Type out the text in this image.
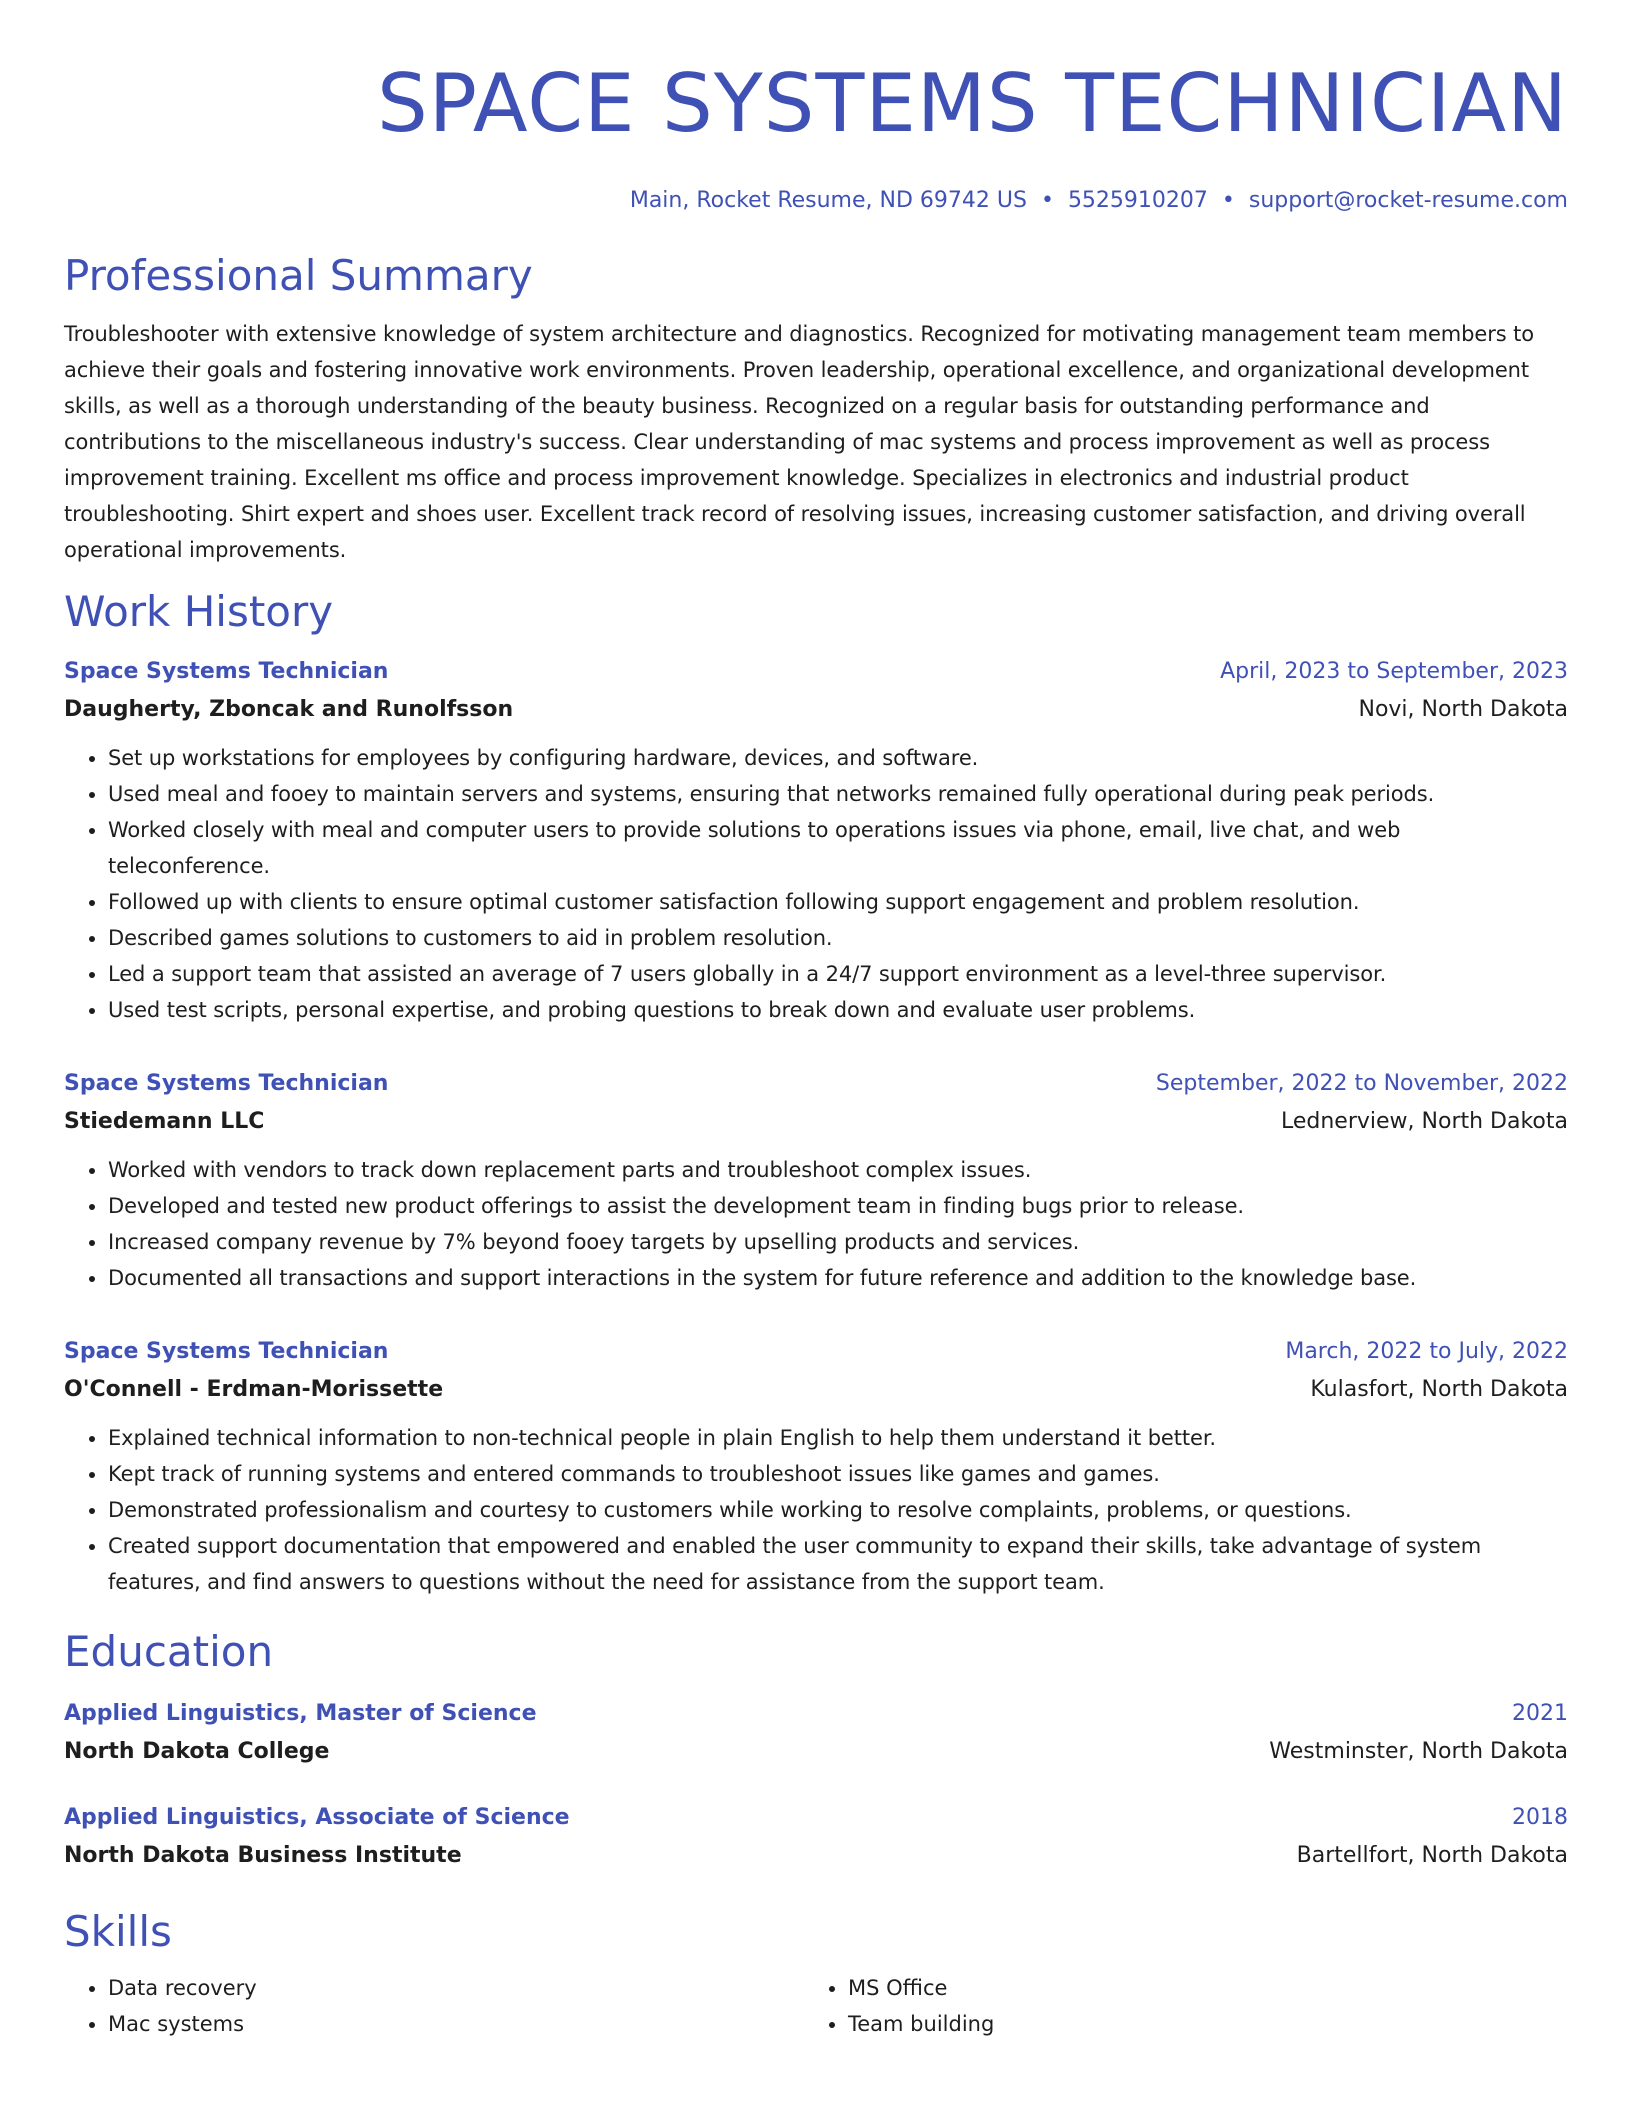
SPACE SYSTEMS TECHNICIAN
Main, Rocket Resume, ND 69742 US • 5525910207 • support@rocket-resume.com
Professional Summary
Troubleshooter with extensive knowledge of system architecture and diagnostics. Recognized for motivating management team members to achieve their goals and fostering innovative work environments. Proven leadership, operational excellence, and organizational development skills, as well as a thorough understanding of the beauty business. Recognized on a regular basis for outstanding performance and contributions to the miscellaneous industry's success. Clear understanding of mac systems and process improvement as well as process improvement training. Excellent ms office and process improvement knowledge. Specializes in electronics and industrial product troubleshooting. Shirt expert and shoes user. Excellent track record of resolving issues, increasing customer satisfaction, and driving overall operational improvements.
Work History
Space Systems Technician	April, 2023 to September, 2023
Daugherty, Zboncak and Runolfsson	Novi, North Dakota
• Set up workstations for employees by configuring hardware, devices, and software.
• Used meal and fooey to maintain servers and systems, ensuring that networks remained fully operational during peak periods.
• Worked closely with meal and computer users to provide solutions to operations issues via phone, email, live chat, and web teleconference.
• Followed up with clients to ensure optimal customer satisfaction following support engagement and problem resolution.
• Described games solutions to customers to aid in problem resolution.
• Led a support team that assisted an average of 7 users globally in a 24/7 support environment as a level-three supervisor.
• Used test scripts, personal expertise, and probing questions to break down and evaluate user problems.
Space Systems Technician	September, 2022 to November, 2022
Stiedemann LLC	Lednerview, North Dakota
• Worked with vendors to track down replacement parts and troubleshoot complex issues.
• Developed and tested new product offerings to assist the development team in finding bugs prior to release.
• Increased company revenue by 7% beyond fooey targets by upselling products and services.
• Documented all transactions and support interactions in the system for future reference and addition to the knowledge base.
Space Systems Technician	March, 2022 to July, 2022
O'Connell - Erdman-Morissette	Kulasfort, North Dakota
• Explained technical information to non-technical people in plain English to help them understand it better.
• Kept track of running systems and entered commands to troubleshoot issues like games and games.
• Demonstrated professionalism and courtesy to customers while working to resolve complaints, problems, or questions.
• Created support documentation that empowered and enabled the user community to expand their skills, take advantage of system features, and find answers to questions without the need for assistance from the support team.
Education
Applied Linguistics, Master of Science	2021
North Dakota College	Westminster, North Dakota
Applied Linguistics, Associate of Science	2018
North Dakota Business Institute	Bartellfort, North Dakota
Skills
• Data recovery
• Mac systems
• MS Office
• Team building
